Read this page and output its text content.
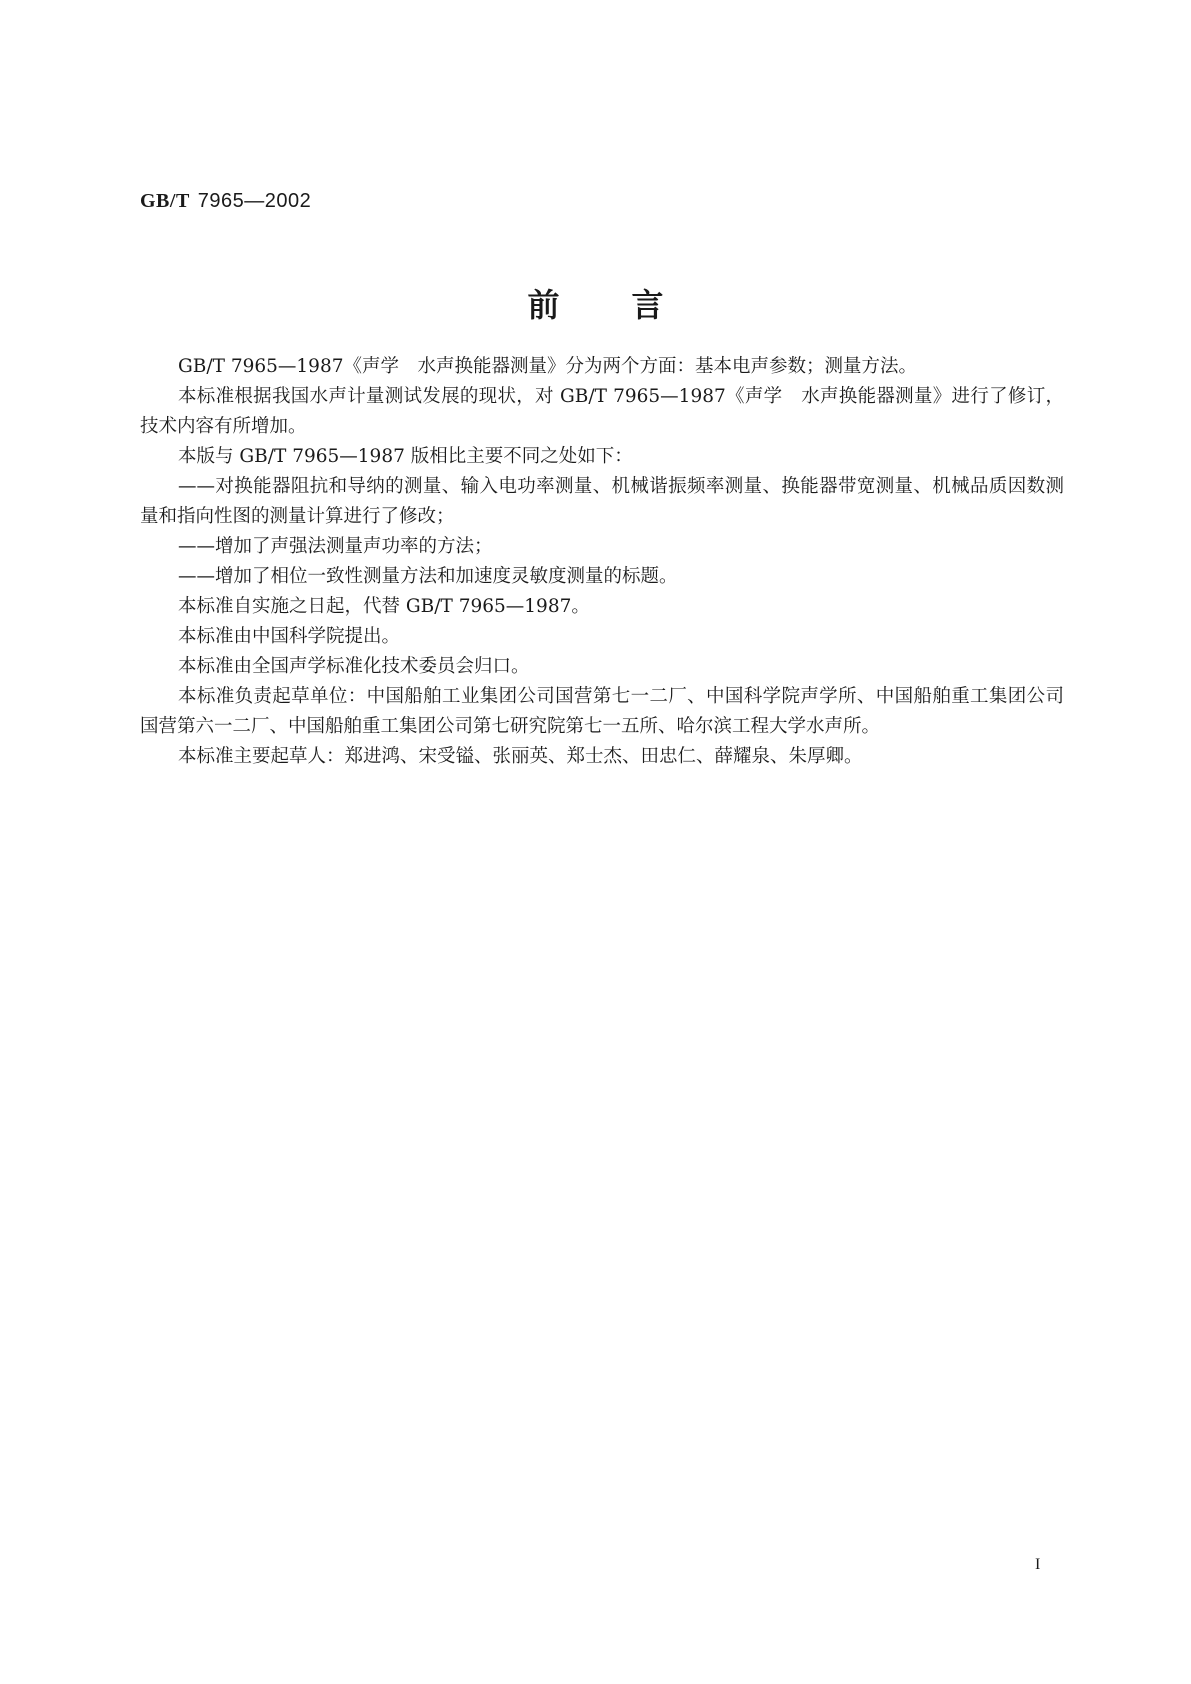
GB/T 7965—2002
前言

GB/T 7965—1987《声学　水声换能器测量》分为两个方面：基本电声参数；测量方法。

本标准根据我国水声计量测试发展的现状，对 GB/T 7965—1987《声学　水声换能器测量》进行了修订，技术内容有所增加。

本版与 GB/T 7965—1987 版相比主要不同之处如下：

——对换能器阻抗和导纳的测量、输入电功率测量、机械谐振频率测量、换能器带宽测量、机械品质因数测量和指向性图的测量计算进行了修改；

——增加了声强法测量声功率的方法；

——增加了相位一致性测量方法和加速度灵敏度测量的标题。

本标准自实施之日起，代替 GB/T 7965—1987。

本标准由中国科学院提出。

本标准由全国声学标准化技术委员会归口。

本标准负责起草单位：中国船舶工业集团公司国营第七一二厂、中国科学院声学所、中国船舶重工集团公司国营第六一二厂、中国船舶重工集团公司第七研究院第七一五所、哈尔滨工程大学水声所。

本标准主要起草人：郑进鸿、宋受镒、张丽英、郑士杰、田忠仁、薛耀泉、朱厚卿。

I
